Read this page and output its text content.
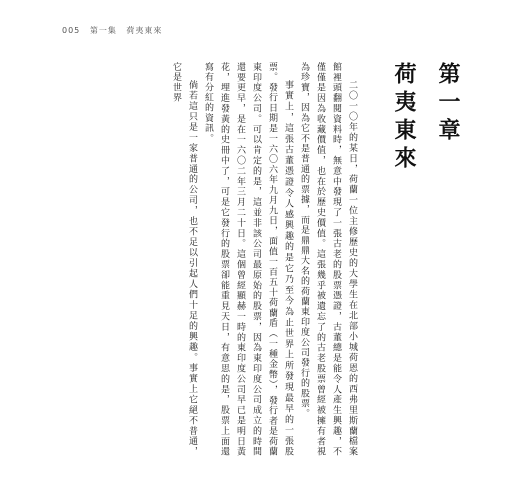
005 第一集 荷夷東來
第一章
荷夷東來

二〇一〇年的某日，荷蘭一位主修歷史的大學生在北部小城荷恩的西弗里斯蘭檔案館裡頭翻閱資料時，無意中發現了一張古老的股票憑證，古董總是能令人產生興趣，不僅僅是因為收藏價值，也在於歷史價值。這張幾乎被遺忘了的古老股票曾經被擁有者視為珍寶，因為它不是普通的票據，而是鼎鼎大名的荷蘭東印度公司發行的股票。

事實上，這張古董憑證令人感興趣的是它乃至今為止世界上所發現最早的一張股票。發行日期是一六〇六年九月九日，面值一百五十荷蘭盾（一種金幣），發行者是荷蘭東印度公司。可以肯定的是，這並非該公司最原始的股票，因為東印度公司成立的時間還要更早，是在一六〇二年三月二十日。這個曾經顯赫一時的東印度公司早已是明日黃花，埋進發黃的史冊中了，可是它發行的股票卻能重見天日，有意思的是，股票上面還寫有分紅的資訊。

倘若這只是一家普通的公司，也不足以引起人們十足的興趣。事實上它絕不普通，它是世界
